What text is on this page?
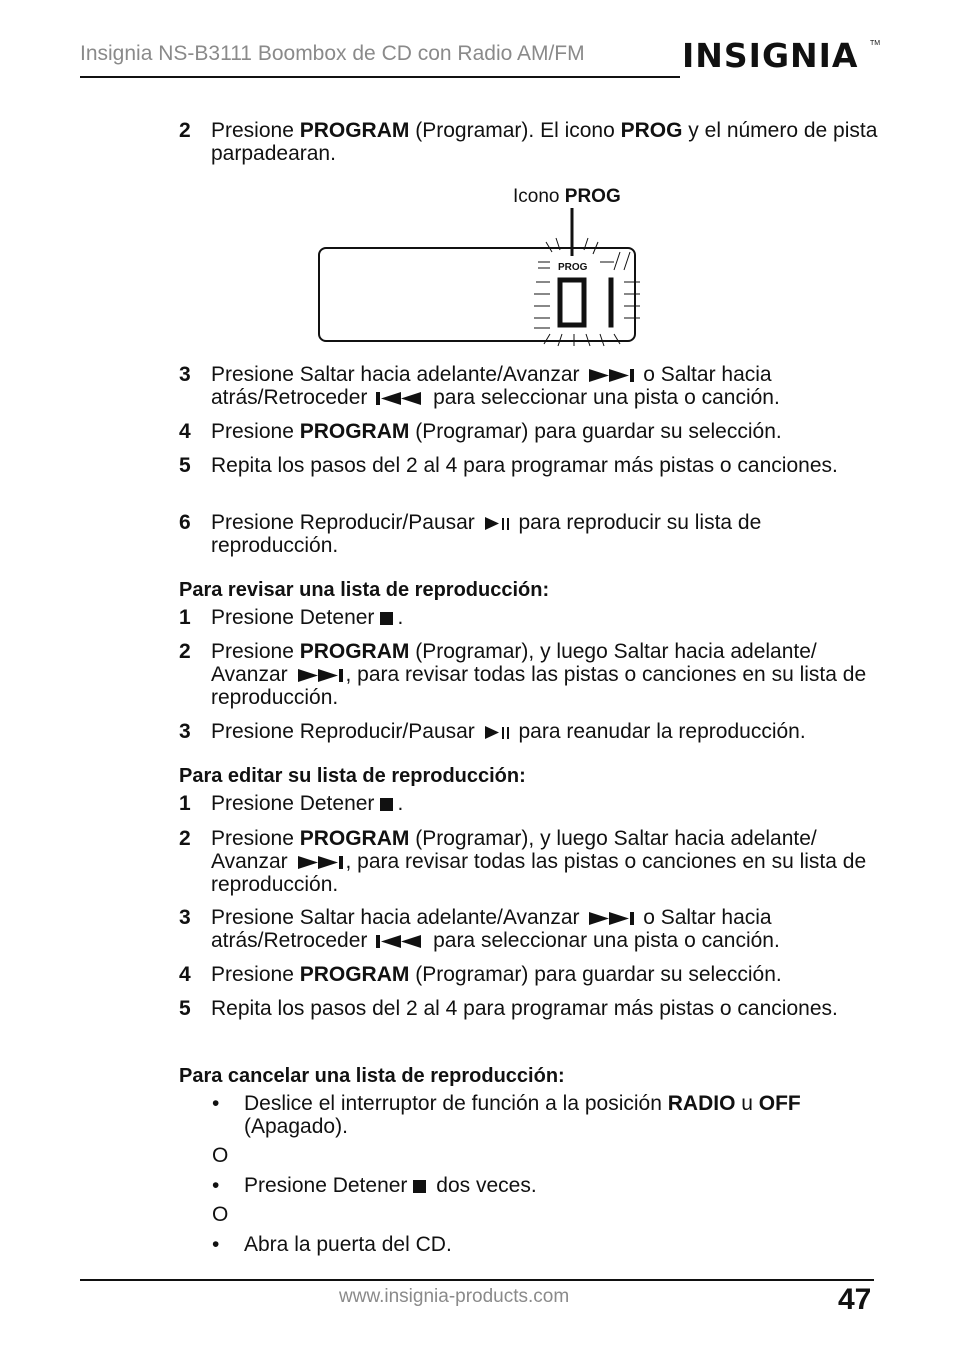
Insignia NS-B3111 Boombox de CD con Radio AM/FM	INSIGNIA TM
2 Presione PROGRAM (Programar). El icono PROG y el número de pista parpadearan.
Icono PROG
PROG
3 Presione Saltar hacia adelante/Avanzar	o Saltar hacia atrás/Retroceder	para seleccionar una pista o canción.
4 Presione PROGRAM (Programar) para guardar su selección.
5 Repita los pasos del 2 al 4 para programar más pistas o canciones.
6 Presione Reproducir/Pausar  para reproducir su lista de reproducción.
Para revisar una lista de reproducción:
1 Presione Detener .
2 Presione PROGRAM (Programar), y luego Saltar hacia adelante/ Avanzar	, para revisar todas las pistas o canciones en su lista de reproducción.
3 Presione Reproducir/Pausar  para reanudar la reproducción.
Para editar su lista de reproducción:
1 Presione Detener .
2 Presione PROGRAM (Programar), y luego Saltar hacia adelante/ Avanzar	, para revisar todas las pistas o canciones en su lista de reproducción.
3 Presione Saltar hacia adelante/Avanzar	o Saltar hacia atrás/Retroceder	para seleccionar una pista o canción.
4 Presione PROGRAM (Programar) para guardar su selección.
5 Repita los pasos del 2 al 4 para programar más pistas o canciones.
Para cancelar una lista de reproducción:
• Deslice el interruptor de función a la posición RADIO u OFF (Apagado).
O
• Presione Detener dos veces.
O
• Abra la puerta del CD.
www.insignia-products.com	47
